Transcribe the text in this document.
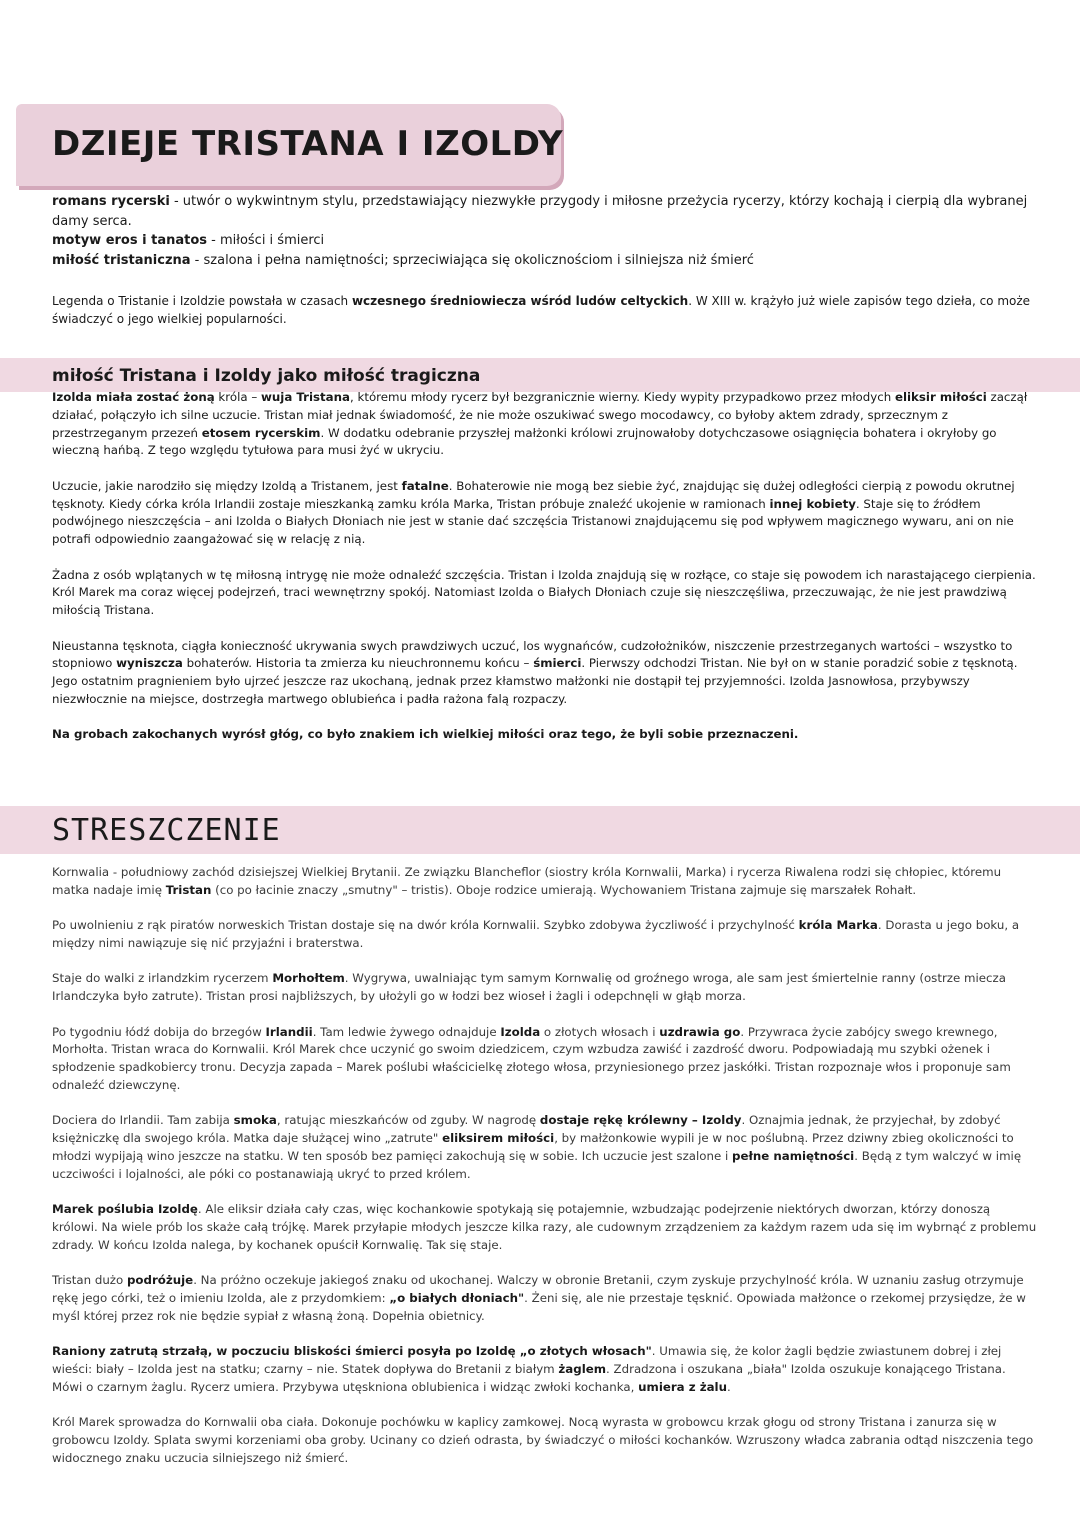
DZIEJE TRISTANA I IZOLDY

romans rycerski - utwór o wykwintnym stylu, przedstawiający niezwykłe przygody i miłosne przeżycia rycerzy, którzy kochają i cierpią dla wybranej damy serca.

motyw eros i tanatos - miłości i śmierci

miłość tristaniczna - szalona i pełna namiętności; sprzeciwiająca się okolicznościom i silniejsza niż śmierć

Legenda o Tristanie i Izoldzie powstała w czasach wczesnego średniowiecza wśród ludów celtyckich. W XIII w. krążyło już wiele zapisów tego dzieła, co może świadczyć o jego wielkiej popularności.

miłość Tristana i Izoldy jako miłość tragiczna

Izolda miała zostać żoną króla – wuja Tristana, któremu młody rycerz był bezgranicznie wierny. Kiedy wypity przypadkowo przez młodych eliksir miłości zaczął działać, połączyło ich silne uczucie. Tristan miał jednak świadomość, że nie może oszukiwać swego mocodawcy, co byłoby aktem zdrady, sprzecznym z przestrzeganym przezeń etosem rycerskim. W dodatku odebranie przyszłej małżonki królowi zrujnowałoby dotychczasowe osiągnięcia bohatera i okryłoby go wieczną hańbą. Z tego względu tytułowa para musi żyć w ukryciu.

Uczucie, jakie narodziło się między Izoldą a Tristanem, jest fatalne. Bohaterowie nie mogą bez siebie żyć, znajdując się dużej odległości cierpią z powodu okrutnej tęsknoty. Kiedy córka króla Irlandii zostaje mieszkanką zamku króla Marka, Tristan próbuje znaleźć ukojenie w ramionach innej kobiety. Staje się to źródłem podwójnego nieszczęścia – ani Izolda o Białych Dłoniach nie jest w stanie dać szczęścia Tristanowi znajdującemu się pod wpływem magicznego wywaru, ani on nie potrafi odpowiednio zaangażować się w relację z nią.

Żadna z osób wplątanych w tę miłosną intrygę nie może odnaleźć szczęścia. Tristan i Izolda znajdują się w rozłące, co staje się powodem ich narastającego cierpienia. Król Marek ma coraz więcej podejrzeń, traci wewnętrzny spokój. Natomiast Izolda o Białych Dłoniach czuje się nieszczęśliwa, przeczuwając, że nie jest prawdziwą miłością Tristana.

Nieustanna tęsknota, ciągła konieczność ukrywania swych prawdziwych uczuć, los wygnańców, cudzołożników, niszczenie przestrzeganych wartości – wszystko to stopniowo wyniszcza bohaterów. Historia ta zmierza ku nieuchronnemu końcu – śmierci. Pierwszy odchodzi Tristan. Nie był on w stanie poradzić sobie z tęsknotą. Jego ostatnim pragnieniem było ujrzeć jeszcze raz ukochaną, jednak przez kłamstwo małżonki nie dostąpił tej przyjemności. Izolda Jasnowłosa, przybywszy niezwłocznie na miejsce, dostrzegła martwego oblubieńca i padła rażona falą rozpaczy.

Na grobach zakochanych wyrósł głóg, co było znakiem ich wielkiej miłości oraz tego, że byli sobie przeznaczeni.

STRESZCZENIE

Kornwalia - południowy zachód dzisiejszej Wielkiej Brytanii. Ze związku Blancheflor (siostry króla Kornwalii, Marka) i rycerza Riwalena rodzi się chłopiec, któremu matka nadaje imię Tristan (co po łacinie znaczy „smutny" – tristis). Oboje rodzice umierają. Wychowaniem Tristana zajmuje się marszałek Rohałt.

Po uwolnieniu z rąk piratów norweskich Tristan dostaje się na dwór króla Kornwalii. Szybko zdobywa życzliwość i przychylność króla Marka. Dorasta u jego boku, a między nimi nawiązuje się nić przyjaźni i braterstwa.

Staje do walki z irlandzkim rycerzem Morhołtem. Wygrywa, uwalniając tym samym Kornwalię od groźnego wroga, ale sam jest śmiertelnie ranny (ostrze miecza Irlandczyka było zatrute). Tristan prosi najbliższych, by ułożyli go w łodzi bez wioseł i żagli i odepchnęli w głąb morza.

Po tygodniu łódź dobija do brzegów Irlandii. Tam ledwie żywego odnajduje Izolda o złotych włosach i uzdrawia go. Przywraca życie zabójcy swego krewnego, Morhołta. Tristan wraca do Kornwalii. Król Marek chce uczynić go swoim dziedzicem, czym wzbudza zawiść i zazdrość dworu. Podpowiadają mu szybki ożenek i spłodzenie spadkobiercy tronu. Decyzja zapada – Marek poślubi właścicielkę złotego włosa, przyniesionego przez jaskółki. Tristan rozpoznaje włos i proponuje sam odnaleźć dziewczynę.

Dociera do Irlandii. Tam zabija smoka, ratując mieszkańców od zguby. W nagrodę dostaje rękę królewny – Izoldy. Oznajmia jednak, że przyjechał, by zdobyć księżniczkę dla swojego króla. Matka daje służącej wino „zatrute" eliksirem miłości, by małżonkowie wypili je w noc poślubną. Przez dziwny zbieg okoliczności to młodzi wypijają wino jeszcze na statku. W ten sposób bez pamięci zakochują się w sobie. Ich uczucie jest szalone i pełne namiętności. Będą z tym walczyć w imię uczciwości i lojalności, ale póki co postanawiają ukryć to przed królem.

Marek poślubia Izoldę. Ale eliksir działa cały czas, więc kochankowie spotykają się potajemnie, wzbudzając podejrzenie niektórych dworzan, którzy donoszą królowi. Na wiele prób los skaże całą trójkę. Marek przyłapie młodych jeszcze kilka razy, ale cudownym zrządzeniem za każdym razem uda się im wybrnąć z problemu zdrady. W końcu Izolda nalega, by kochanek opuścił Kornwalię. Tak się staje.

Tristan dużo podróżuje. Na próżno oczekuje jakiegoś znaku od ukochanej. Walczy w obronie Bretanii, czym zyskuje przychylność króla. W uznaniu zasług otrzymuje rękę jego córki, też o imieniu Izolda, ale z przydomkiem: „o białych dłoniach". Żeni się, ale nie przestaje tęsknić. Opowiada małżonce o rzekomej przysiędze, że w myśl której przez rok nie będzie sypiał z własną żoną. Dopełnia obietnicy.

Raniony zatrutą strzałą, w poczuciu bliskości śmierci posyła po Izoldę „o złotych włosach". Umawia się, że kolor żagli będzie zwiastunem dobrej i złej wieści: biały – Izolda jest na statku; czarny – nie. Statek dopływa do Bretanii z białym żaglem. Zdradzona i oszukana „biała" Izolda oszukuje konającego Tristana. Mówi o czarnym żaglu. Rycerz umiera. Przybywa utęskniona oblubienica i widząc zwłoki kochanka, umiera z żalu.

Król Marek sprowadza do Kornwalii oba ciała. Dokonuje pochówku w kaplicy zamkowej. Nocą wyrasta w grobowcu krzak głogu od strony Tristana i zanurza się w grobowcu Izoldy. Splata swymi korzeniami oba groby. Ucinany co dzień odrasta, by świadczyć o miłości kochanków. Wzruszony władca zabrania odtąd niszczenia tego widocznego znaku uczucia silniejszego niż śmierć.
